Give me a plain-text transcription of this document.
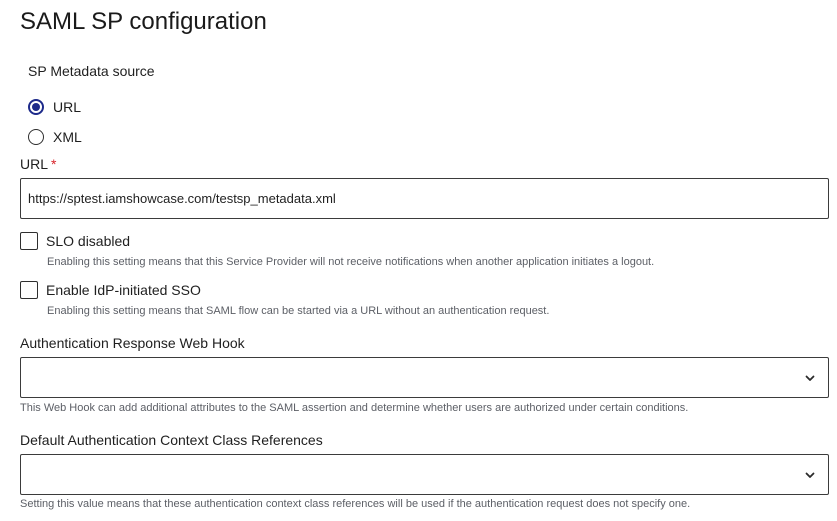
SAML SP configuration
SP Metadata source
URL
XML
URL *
https://sptest.iamshowcase.com/testsp_metadata.xml
SLO disabled
Enabling this setting means that this Service Provider will not receive notifications when another application initiates a logout.
Enable IdP-initiated SSO
Enabling this setting means that SAML flow can be started via a URL without an authentication request.
Authentication Response Web Hook
This Web Hook can add additional attributes to the SAML assertion and determine whether users are authorized under certain conditions.
Default Authentication Context Class References
Setting this value means that these authentication context class references will be used if the authentication request does not specify one.
